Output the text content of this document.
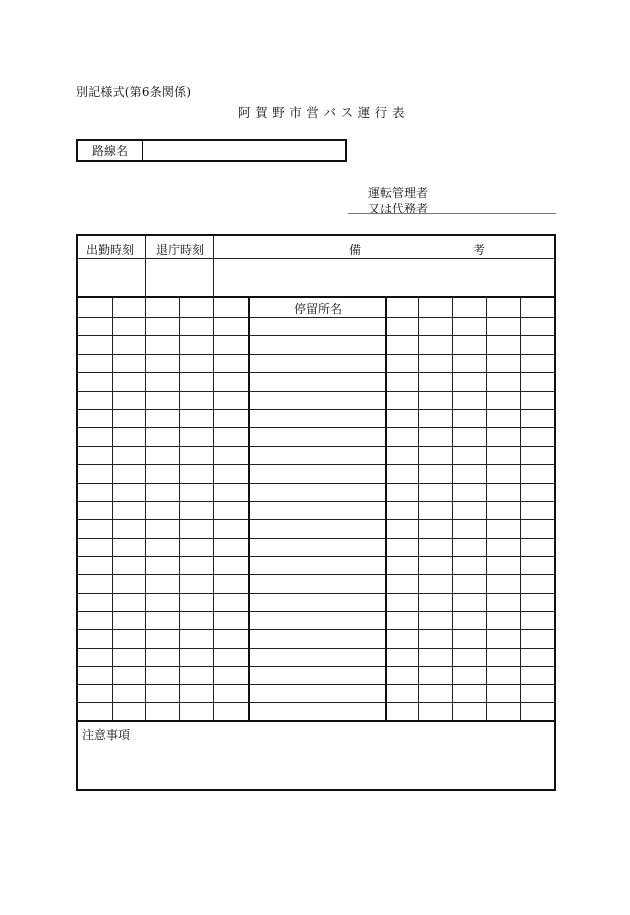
別記様式(第6条関係)
阿賀野市営バス運行表
路線名
運転管理者
又は代務者
出勤時刻 退庁時刻	備 考
停留所名
注意事項
